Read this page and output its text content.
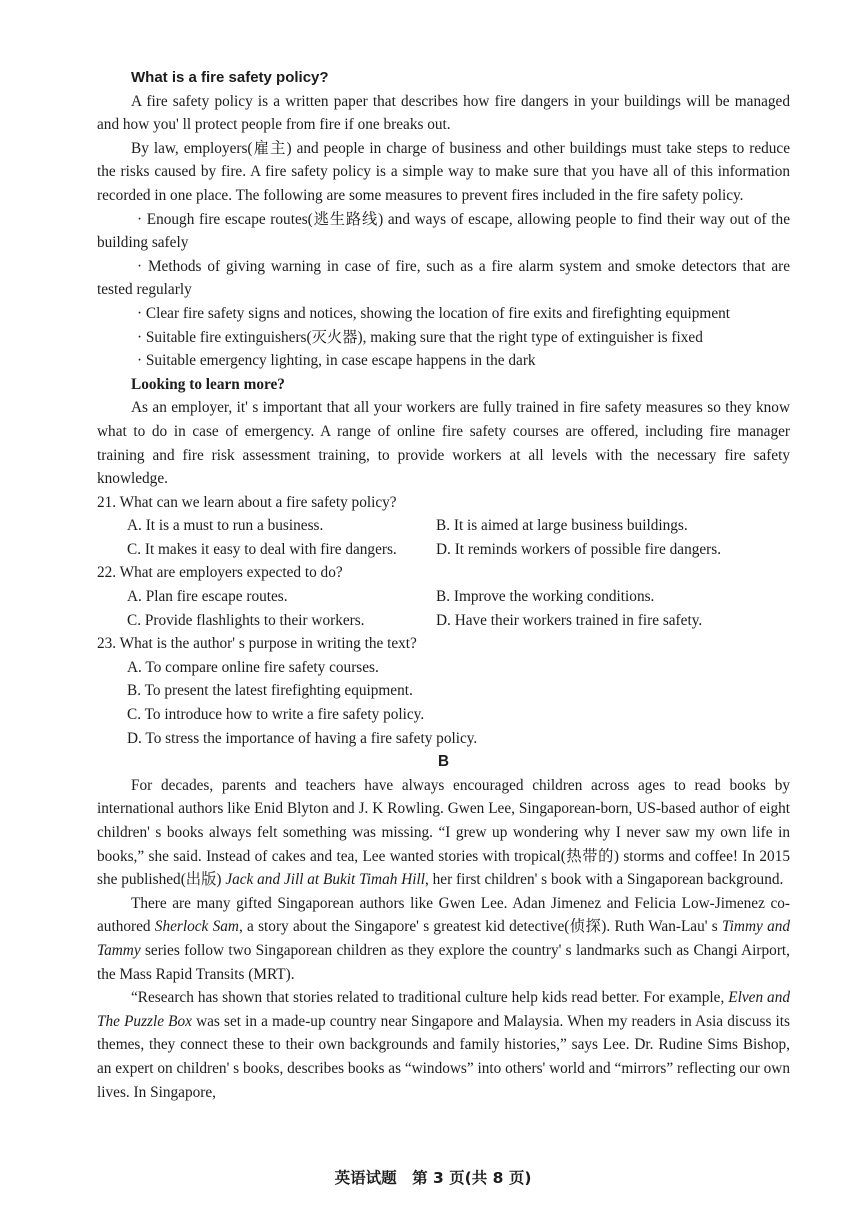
What is a fire safety policy?

A fire safety policy is a written paper that describes how fire dangers in your buildings will be managed and how you' ll protect people from fire if one breaks out.

By law, employers(雇主) and people in charge of business and other buildings must take steps to reduce the risks caused by fire. A fire safety policy is a simple way to make sure that you have all of this information recorded in one place. The following are some measures to prevent fires included in the fire safety policy.

· Enough fire escape routes(逃生路线) and ways of escape, allowing people to find their way out of the building safely

· Methods of giving warning in case of fire, such as a fire alarm system and smoke detectors that are tested regularly

· Clear fire safety signs and notices, showing the location of fire exits and firefighting equipment

· Suitable fire extinguishers(灭火器), making sure that the right type of extinguisher is fixed

· Suitable emergency lighting, in case escape happens in the dark

Looking to learn more?

As an employer, it' s important that all your workers are fully trained in fire safety measures so they know what to do in case of emergency. A range of online fire safety courses are offered, including fire manager training and fire risk assessment training, to provide workers at all levels with the necessary fire safety knowledge.

21. What can we learn about a fire safety policy?

A. It is a must to run a business.	B. It is aimed at large business buildings.
C. It makes it easy to deal with fire dangers.	D. It reminds workers of possible fire dangers.

22. What are employers expected to do?

A. Plan fire escape routes.	B. Improve the working conditions.
C. Provide flashlights to their workers.	D. Have their workers trained in fire safety.

23. What is the author' s purpose in writing the text?

A. To compare online fire safety courses.

B. To present the latest firefighting equipment.

C. To introduce how to write a fire safety policy.

D. To stress the importance of having a fire safety policy.

B

For decades, parents and teachers have always encouraged children across ages to read books by international authors like Enid Blyton and J. K Rowling. Gwen Lee, Singaporean-born, US-based author of eight children' s books always felt something was missing. “I grew up wondering why I never saw my own life in books,” she said. Instead of cakes and tea, Lee wanted stories with tropical(热带的) storms and coffee! In 2015 she published(出版) Jack and Jill at Bukit Timah Hill, her first children' s book with a Singaporean background.

There are many gifted Singaporean authors like Gwen Lee. Adan Jimenez and Felicia Low-Jimenez co-authored Sherlock Sam, a story about the Singapore' s greatest kid detective(侦探). Ruth Wan-Lau' s Timmy and Tammy series follow two Singaporean children as they explore the country' s landmarks such as Changi Airport, the Mass Rapid Transits (MRT).

“Research has shown that stories related to traditional culture help kids read better. For example, Elven and The Puzzle Box was set in a made-up country near Singapore and Malaysia. When my readers in Asia discuss its themes, they connect these to their own backgrounds and family histories,” says Lee. Dr. Rudine Sims Bishop, an expert on children' s books, describes books as “windows” into others' world and “mirrors” reflecting our own lives. In Singapore,

英语试题　第 3 页(共 8 页)
